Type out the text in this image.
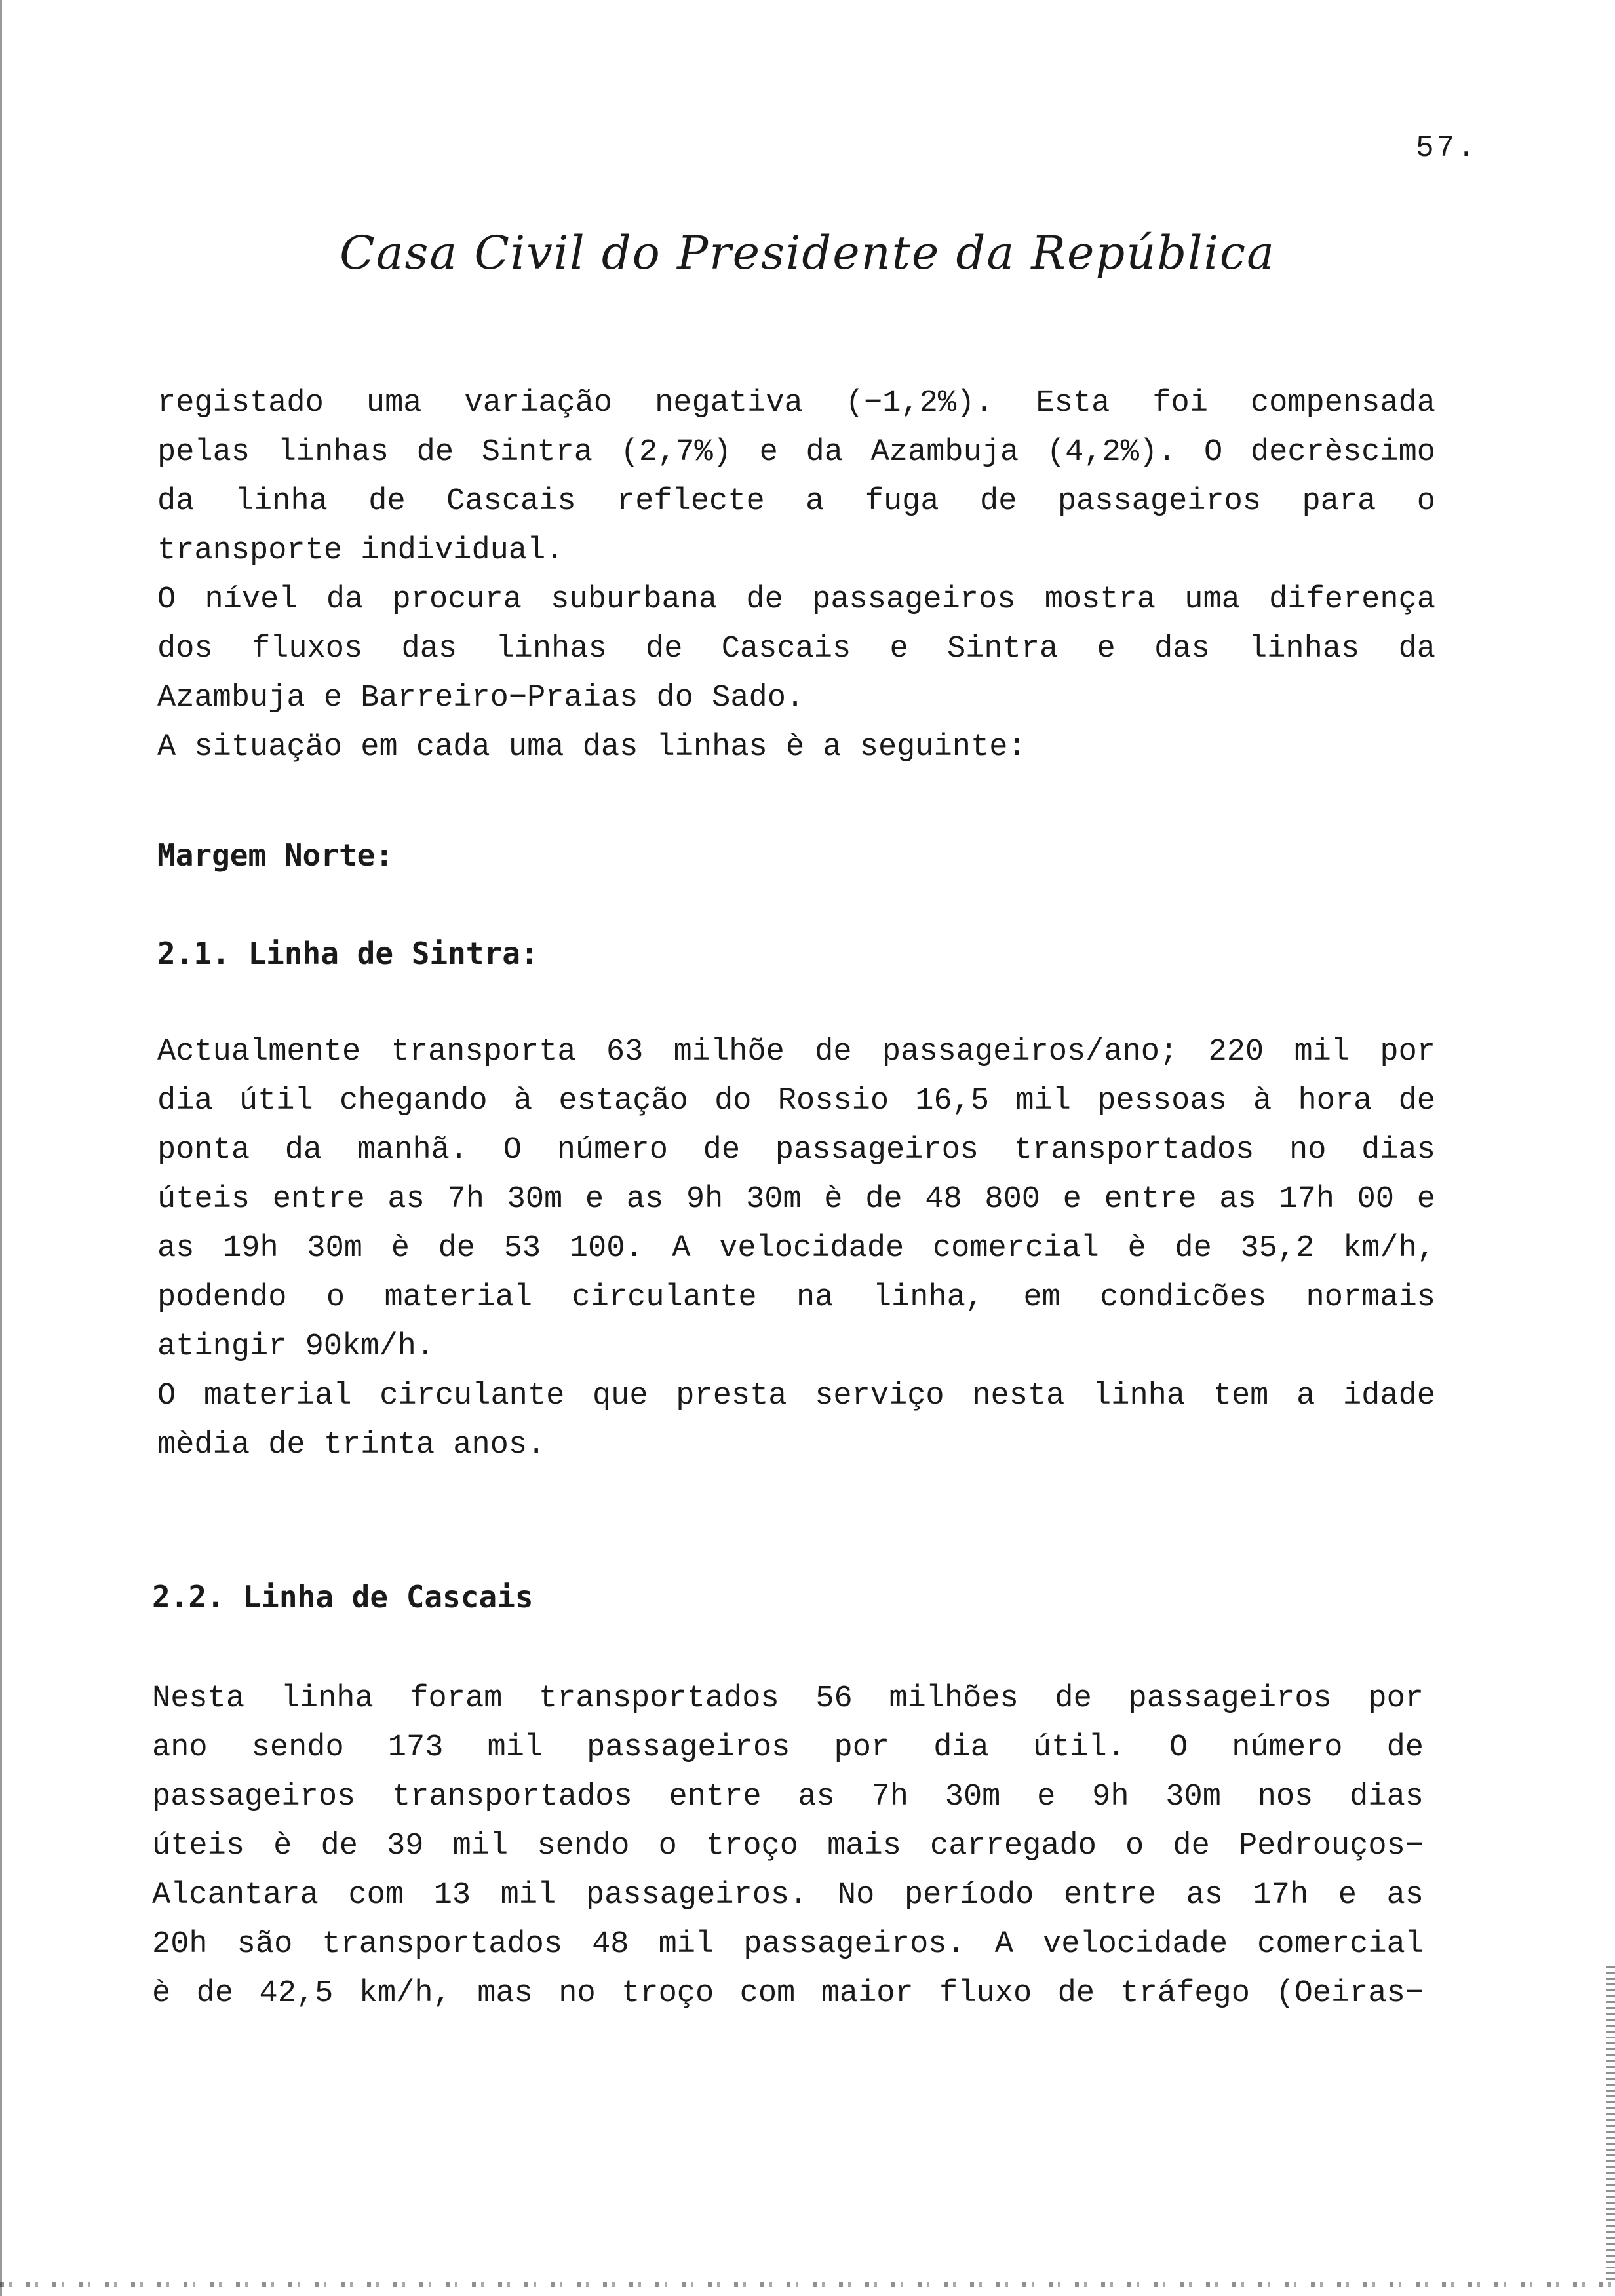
57.
Casa Civil do Presidente da República
registado uma variação negativa (−1,2%). Esta foi compensada
pelas linhas de Sintra (2,7%) e da Azambuja (4,2%). O decrèscimo
da linha de Cascais reflecte a fuga de passageiros para o
transporte individual.
O nível da procura suburbana de passageiros mostra uma diferença
dos fluxos das linhas de Cascais e Sintra e das linhas da
Azambuja e Barreiro−Praias do Sado.
A situaçäo em cada uma das linhas è a seguinte:
Margem Norte:
2.1. Linha de Sintra:
Actualmente transporta 63 milhõe de passageiros/ano; 220 mil por
dia útil chegando à estação do Rossio 16,5 mil pessoas à hora de
ponta da manhã. O número de passageiros transportados no dias
úteis entre as 7h 30m e as 9h 30m è de 48 800 e entre as 17h 00 e
as 19h 30m è de 53 100. A velocidade comercial è de 35,2 km/h,
podendo o material circulante na linha, em condicões normais
atingir 90km/h.
O material circulante que presta serviço nesta linha tem a idade
mèdia de trinta anos.
2.2. Linha de Cascais
Nesta linha foram transportados 56 milhões de passageiros por
ano sendo 173 mil passageiros por dia útil. O número de
passageiros transportados entre as 7h 30m e 9h 30m nos dias
úteis è de 39 mil sendo o troço mais carregado o de Pedrouços−
Alcantara com 13 mil passageiros. No período entre as 17h e as
20h são transportados 48 mil passageiros. A velocidade comercial
è de 42,5 km/h, mas no troço com maior fluxo de tráfego (Oeiras−
